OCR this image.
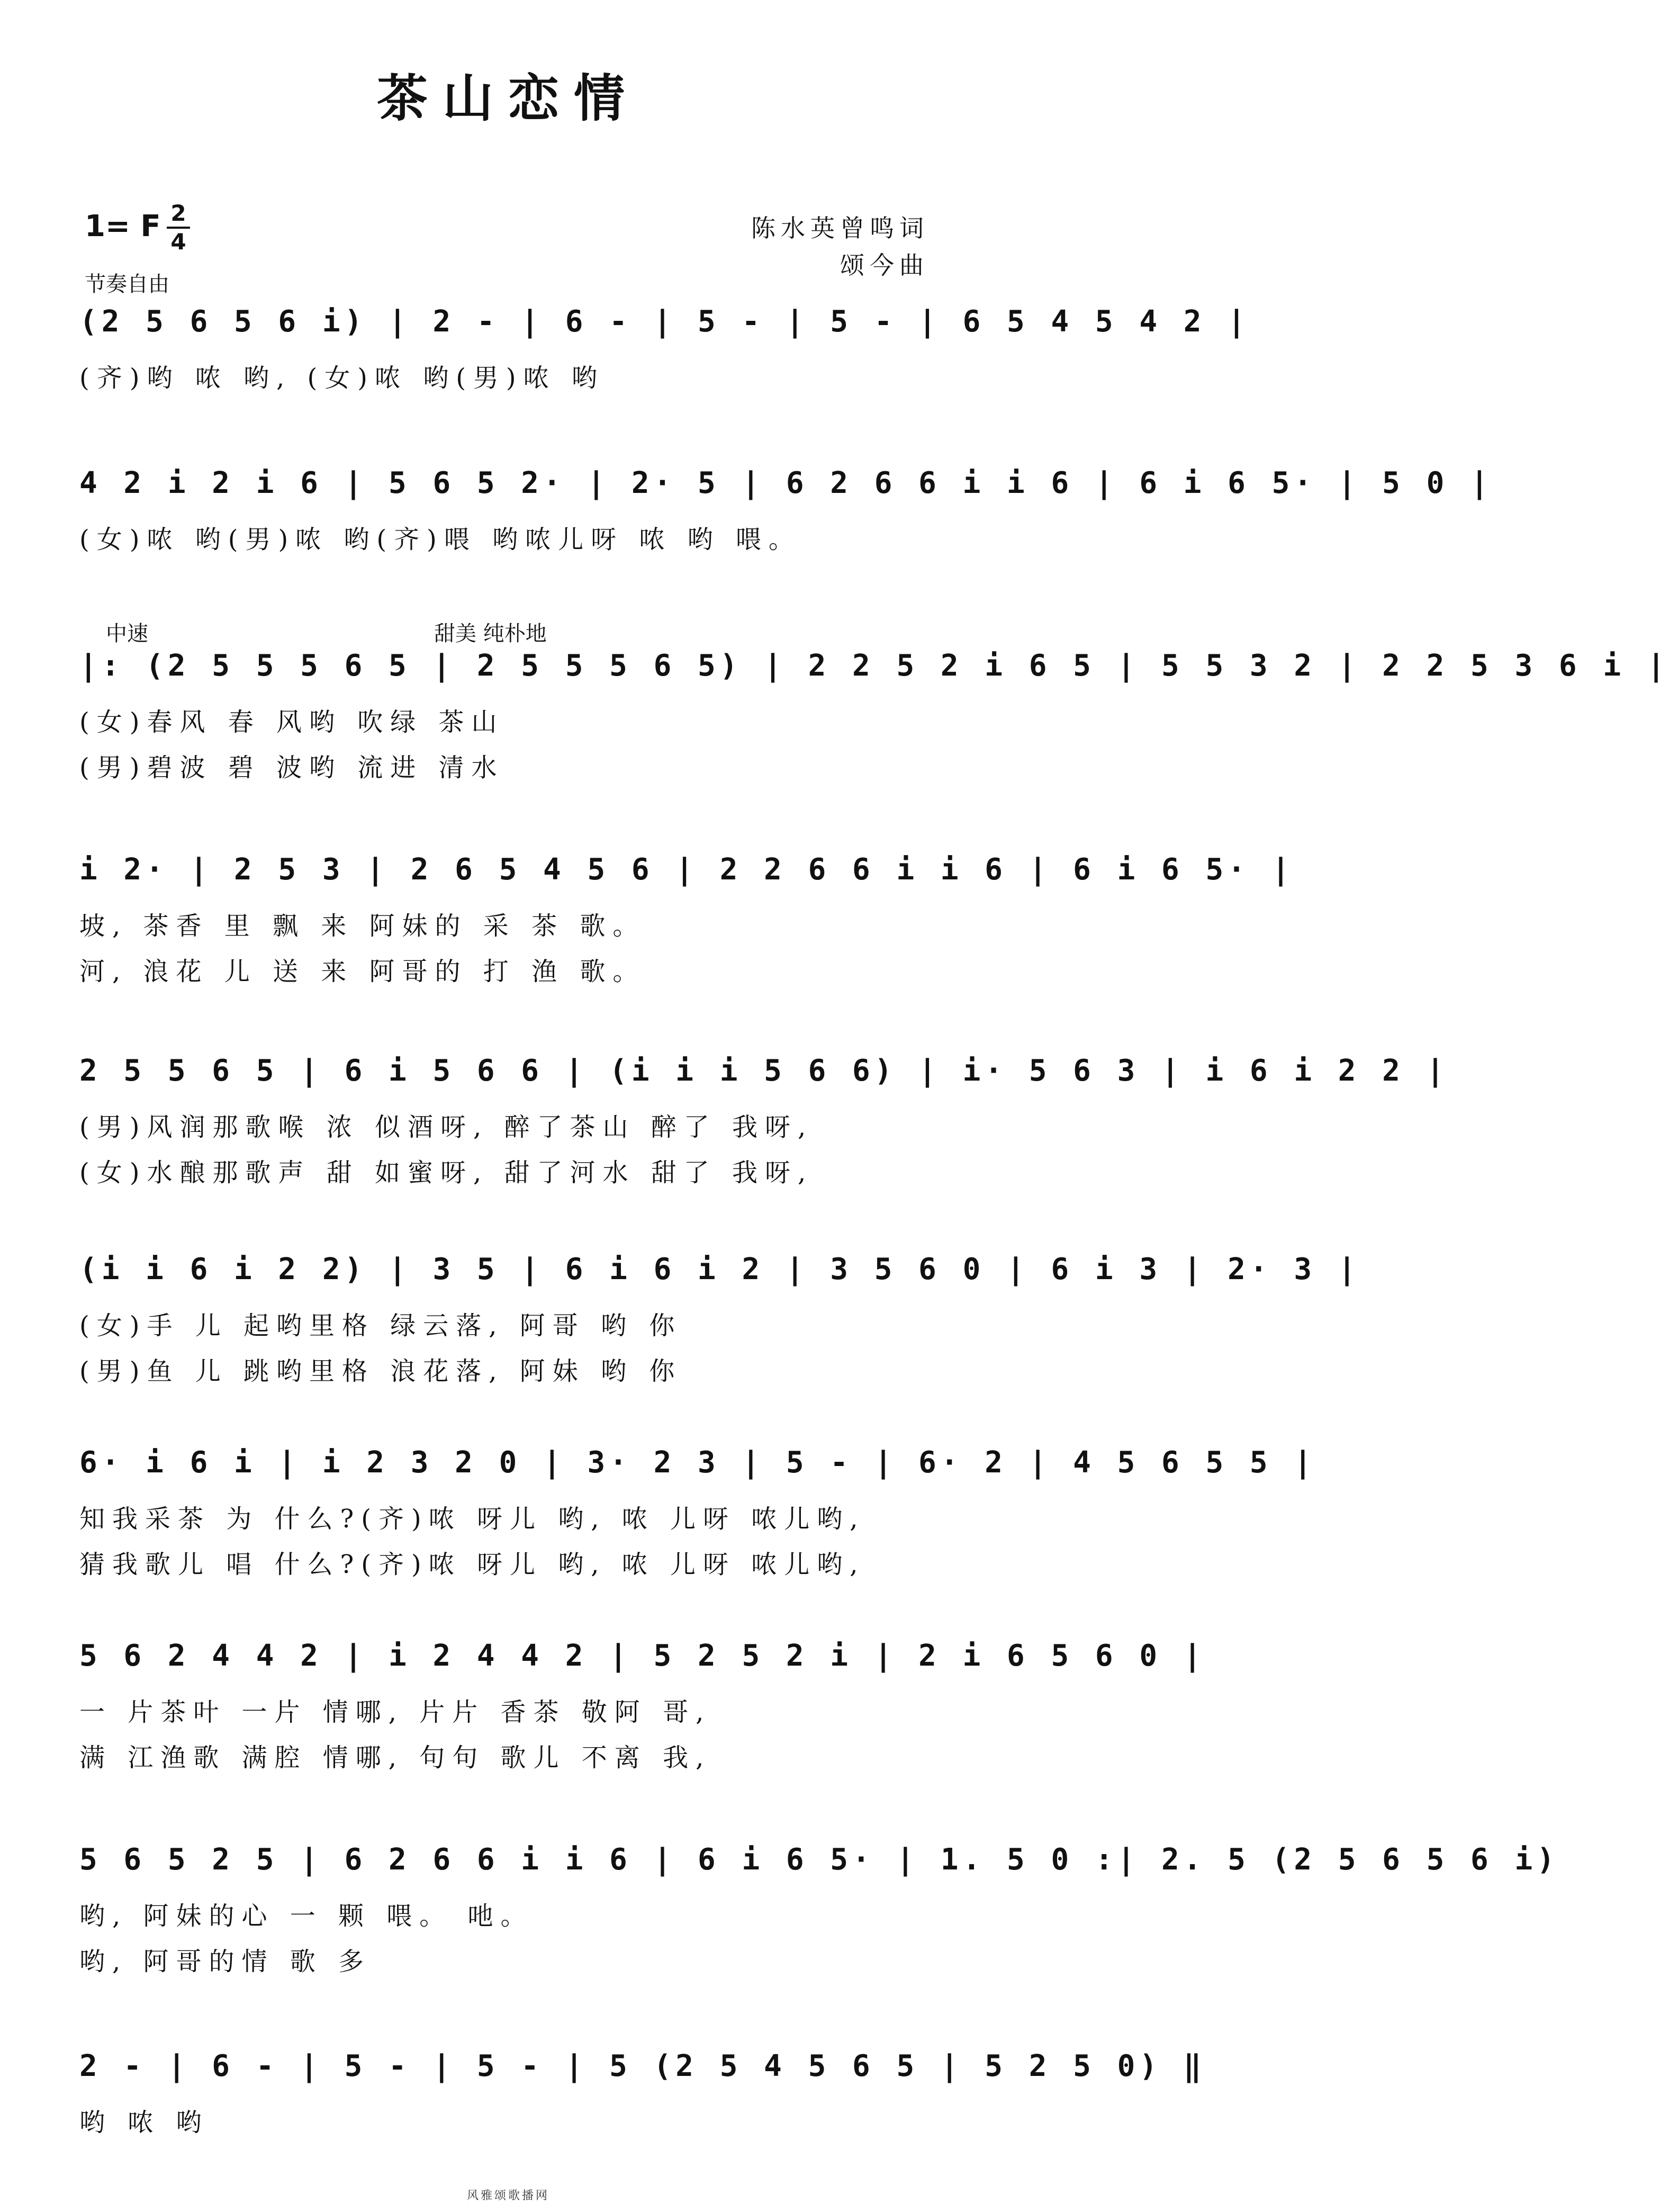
茶山恋情
1= F 2
4	陈水英曾鸣词
颂今曲
节奏自由
(2 5 6 5 6 i) | 2 - | 6 - | 5 - | 5 - | 6 5 4 5 4 2 |
(齐)哟 哝 哟, (女)哝 哟(男)哝 哟
4 2 i 2 i 6 | 5 6 5 2· | 2· 5 | 6 2 6 6 i i 6 | 6 i 6 5· | 5 0 |
(女)哝 哟(男)哝 哟(齐)喂 哟哝儿呀 哝 哟 喂。
中速	甜美 纯朴地
|: (2 5 5 5 6 5 | 2 5 5 5 6 5) | 2 2 5 2 i 6 5 | 5 5 3 2 | 2 2 5 3 6 i |
(女)春风 春 风哟 吹绿 茶山
(男)碧波 碧 波哟 流进 清水
i 2· | 2 5 3 | 2 6 5 4 5 6 | 2 2 6 6 i i 6 | 6 i 6 5· |
坡, 茶香 里 飘 来 阿妹的 采 茶 歌。
河, 浪花 儿 送 来 阿哥的 打 渔 歌。
2 5 5 6 5 | 6 i 5 6 6 | (i i i 5 6 6) | i· 5 6 3 | i 6 i 2 2 |
(男)风润那歌喉 浓 似酒呀, 醉了茶山 醉了 我呀,
(女)水酿那歌声 甜 如蜜呀, 甜了河水 甜了 我呀,
(i i 6 i 2 2) | 3 5 | 6 i 6 i 2 | 3 5 6 0 | 6 i 3 | 2· 3 |
(女)手 儿 起哟里格 绿云落, 阿哥 哟 你
(男)鱼 儿 跳哟里格 浪花落, 阿妹 哟 你
6· i 6 i | i 2 3 2 0 | 3· 2 3 | 5 - | 6· 2 | 4 5 6 5 5 |
知我采茶 为 什么?(齐)哝 呀儿 哟, 哝 儿呀 哝儿哟,
猜我歌儿 唱 什么?(齐)哝 呀儿 哟, 哝 儿呀 哝儿哟,
5 6 2 4 4 2 | i 2 4 4 2 | 5 2 5 2 i | 2 i 6 5 6 0 |
一 片茶叶 一片 情哪, 片片 香茶 敬阿 哥,
满 江渔歌 满腔 情哪, 句句 歌儿 不离 我,
5 6 5 2 5 | 6 2 6 6 i i 6 | 6 i 6 5· | 1. 5 0 :| 2. 5 (2 5 6 5 6 i)
哟, 阿妹的心 一 颗 喂。 吔。
哟, 阿哥的情 歌 多
2 - | 6 - | 5 - | 5 - | 5 (2 5 4 5 6 5 | 5 2 5 0) ‖
哟 哝 哟
风雅颂歌播网
